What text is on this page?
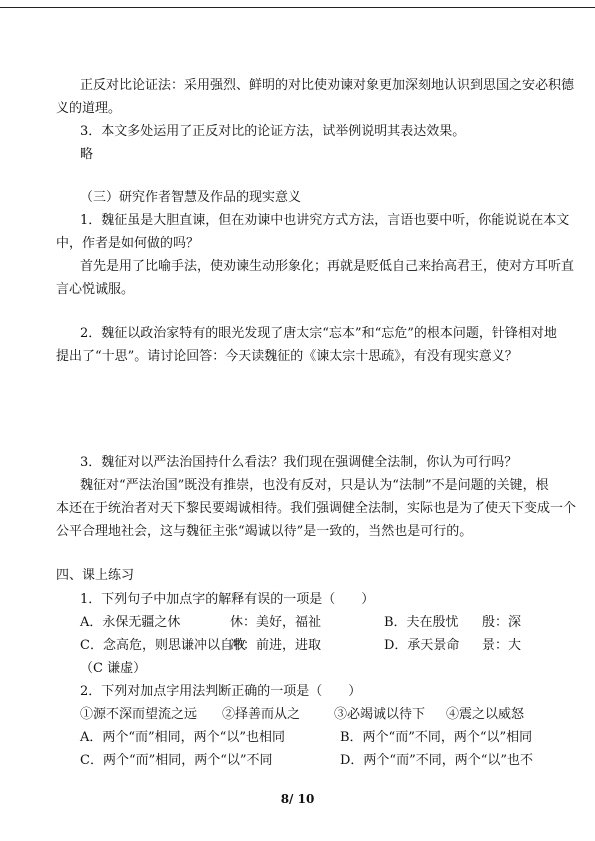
正反对比论证法：采用强烈、鲜明的对比使劝谏对象更加深刻地认识到思国之安必积德
义的道理。
3．本文多处运用了正反对比的论证方法，试举例说明其表达效果。
略
（三）研究作者智慧及作品的现实意义
1．魏征虽是大胆直谏，但在劝谏中也讲究方式方法，言语也要中听，你能说说在本文
中，作者是如何做的吗？
首先是用了比喻手法，使劝谏生动形象化；再就是贬低自己来抬高君王，使对方耳听直
言心悦诚服。
2．魏征以政治家特有的眼光发现了唐太宗“忘本”和“忘危”的根本问题，针锋相对地
提出了“十思”。请讨论回答：今天读魏征的《谏太宗十思疏》，有没有现实意义？
3．魏征对以严法治国持什么看法？我们现在强调健全法制，你认为可行吗？
魏征对“严法治国”既没有推崇，也没有反对，只是认为“法制”不是问题的关键，根
本还在于统治者对天下黎民要竭诚相待。我们强调健全法制，实际也是为了使天下变成一个
公平合理地社会，这与魏征主张“竭诚以待”是一致的，当然也是可行的。
四、课上练习
1．下列句子中加点字的解释有误的一项是（　　）
A．永保无疆之休	休：美好，福祉	B．夫在殷忧 殷：深
C．念高危，则思谦冲以自牧
冲：前进，进取	D．承天景命 景：大
（C 谦虚）
2．下列对加点字用法判断正确的一项是（　　）
①源不深而望流之远 ②择善而从之	③必竭诚以待下 ④震之以威怒
A．两个“而”相同，两个“以”也相同	B．两个“而”不同，两个“以”相同
C．两个“而”相同，两个“以”不同	D．两个“而”不同，两个“以”也不
8/ 10
